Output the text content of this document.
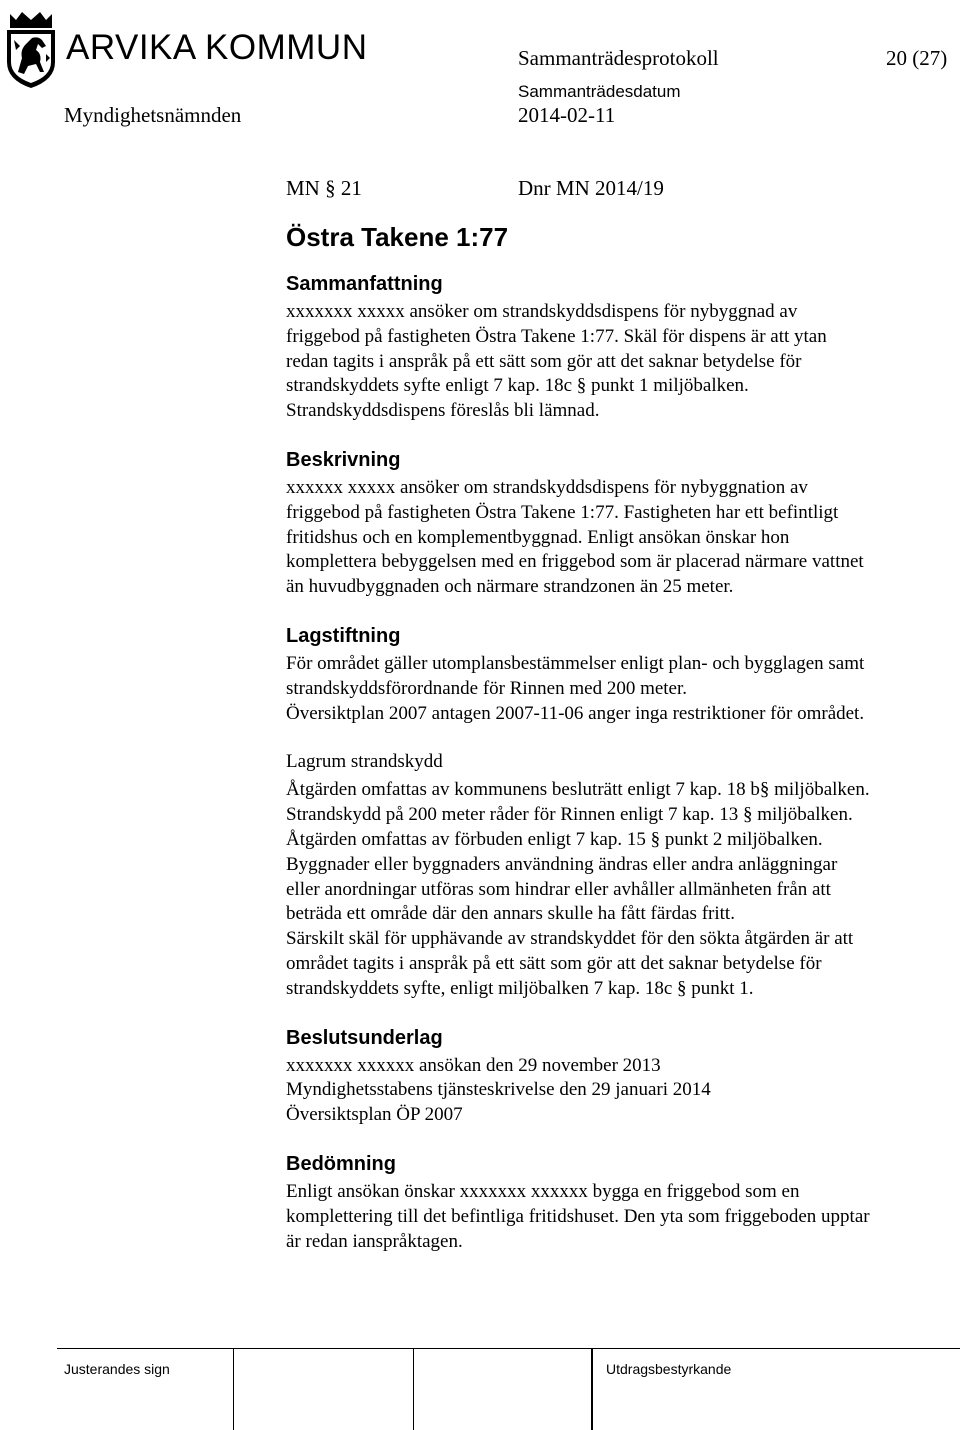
ARVIKA KOMMUN	Sammanträdesprotokoll	20 (27)
Myndighetsnämnden
Sammanträdesdatum
2014-02-11
MN § 21	Dnr MN 2014/19
Östra Takene 1:77
Sammanfattning

xxxxxxx xxxxx ansöker om strandskyddsdispens för nybyggnad av
friggebod på fastigheten Östra Takene 1:77. Skäl för dispens är att ytan
redan tagits i anspråk på ett sätt som gör att det saknar betydelse för
strandskyddets syfte enligt 7 kap. 18c § punkt 1 miljöbalken.
Strandskyddsdispens föreslås bli lämnad.

Beskrivning

xxxxxx xxxxx ansöker om strandskyddsdispens för nybyggnation av
friggebod på fastigheten Östra Takene 1:77. Fastigheten har ett befintligt
fritidshus och en komplementbyggnad. Enligt ansökan önskar hon
komplettera bebyggelsen med en friggebod som är placerad närmare vattnet
än huvudbyggnaden och närmare strandzonen än 25 meter.

Lagstiftning

För området gäller utomplansbestämmelser enligt plan- och bygglagen samt
strandskyddsförordnande för Rinnen med 200 meter.
Översiktplan 2007 antagen 2007-11-06 anger inga restriktioner för området.

Lagrum strandskydd

Åtgärden omfattas av kommunens besluträtt enligt 7 kap. 18 b§ miljöbalken.
Strandskydd på 200 meter råder för Rinnen enligt 7 kap. 13 § miljöbalken.
Åtgärden omfattas av förbuden enligt 7 kap. 15 § punkt 2 miljöbalken.
Byggnader eller byggnaders användning ändras eller andra anläggningar
eller anordningar utföras som hindrar eller avhåller allmänheten från att
beträda ett område där den annars skulle ha fått färdas fritt.
Särskilt skäl för upphävande av strandskyddet för den sökta åtgärden är att
området tagits i anspråk på ett sätt som gör att det saknar betydelse för
strandskyddets syfte, enligt miljöbalken 7 kap. 18c § punkt 1.

Beslutsunderlag

xxxxxxx xxxxxx ansökan den 29 november 2013
Myndighetsstabens tjänsteskrivelse den 29 januari 2014
Översiktsplan ÖP 2007

Bedömning

Enligt ansökan önskar xxxxxxx xxxxxx bygga en friggebod som en
komplettering till det befintliga fritidshuset. Den yta som friggeboden upptar
är redan ianspråktagen.

Justerandes sign	Utdragsbestyrkande
